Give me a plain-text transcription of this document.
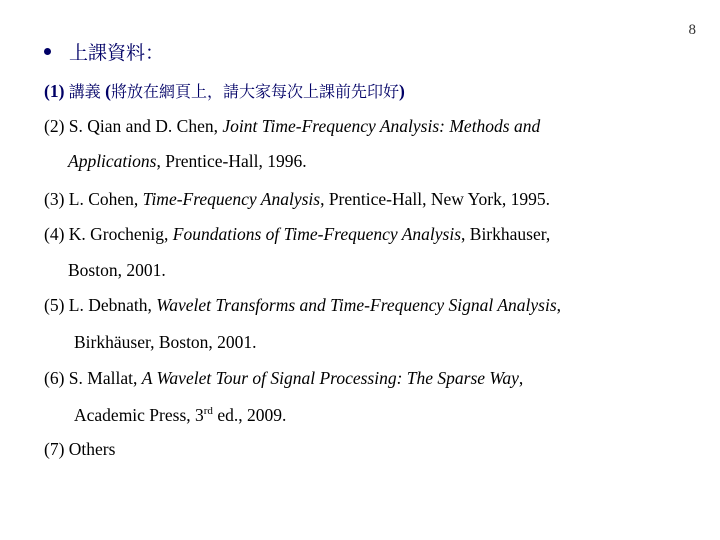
8
上課資料：
(1) 講義 (將放在網頁上，請大家每次上課前先印好)
(2) S. Qian and D. Chen, Joint Time-Frequency Analysis: Methods and
Applications, Prentice-Hall, 1996.
(3) L. Cohen, Time-Frequency Analysis, Prentice-Hall, New York, 1995.
(4) K. Grochenig, Foundations of Time-Frequency Analysis, Birkhauser,
Boston, 2001.
(5) L. Debnath, Wavelet Transforms and Time-Frequency Signal Analysis,
Birkhäuser, Boston, 2001.
(6) S. Mallat, A Wavelet Tour of Signal Processing: The Sparse Way,
Academic Press, 3rd ed., 2009.
(7) Others
